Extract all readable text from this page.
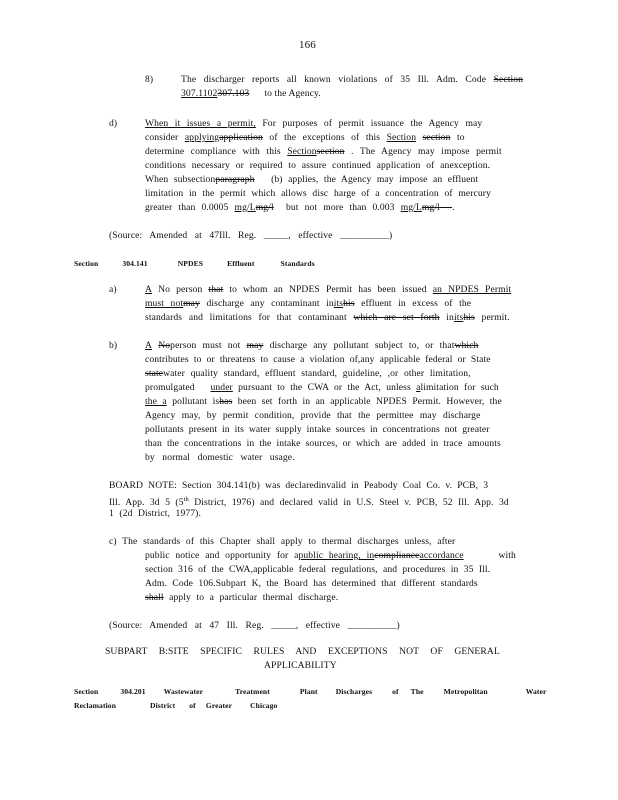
166
8)	The discharger reports all known violations of 35 Ill. Adm. Code Section
307.1102307.103 to the Agency.
d)	When it issues a permit, For purposes of permit issuance the Agency may
consider applyingapplication of the exceptions of this Section section to
determine compliance with this Sectionsection . The Agency may impose permit
conditions necessary or required to assure continued application of anexception.
When subsectionparagraph (b) applies, the Agency may impose an effluent
limitation in the permit which allows disc harge of a concentration of mercury
greater than 0.0005 mg/Lmg/l but not more than 0.003 mg/Lmg/l .
(Source: Amended at 47Ill. Reg. _____, effective __________)
Section	304.141	NPDES	Effluent	Standards
a)	A No person that to whom an NPDES Permit has been issued an NPDES Permit
must notmay discharge any contaminant initshis effluent in excess of the
standards and limitations for that contaminant which are set forth initshis permit.
b)	A Noperson must not may discharge any pollutant subject to, or thatwhich
contributes to or threatens to cause a violation of,any applicable federal or State
statewater quality standard, effluent standard, guideline, ,or other limitation,
promulgated under pursuant to the CWA or the Act, unless alimitation for such
the a pollutant ishas been set forth in an applicable NPDES Permit. However, the
Agency may, by permit condition, provide that the permittee may discharge
pollutants present in its water supply intake sources in concentrations not greater
than the concentrations in the intake sources, or which are added in trace amounts
by normal domestic water usage.
BOARD NOTE: Section 304.141(b) was declaredinvalid in Peabody Coal Co. v. PCB, 3
Ill. App. 3d 5 (5th District, 1976) and declared valid in U.S. Steel v. PCB, 52 Ill. App. 3d
1 (2d District, 1977).
c) The standards of this Chapter shall apply to thermal discharges unless, after
public notice and opportunity for apublic hearing, incomplianceaccordance	with
section 316 of the CWA,applicable federal regulations, and procedures in 35 Ill.
Adm. Code 106.Subpart K, the Board has determined that different standards
shall apply to a particular thermal discharge.
(Source: Amended at 47 Ill. Reg. _____, effective __________)
SUBPART B:SITE SPECIFIC RULES AND EXCEPTIONS NOT OF GENERAL
APPLICABILITY
Section	304.201 Wastewater	Treatment	Plant Discharges	of The	Metropolitan	Water
Reclamation	District of Greater Chicago
